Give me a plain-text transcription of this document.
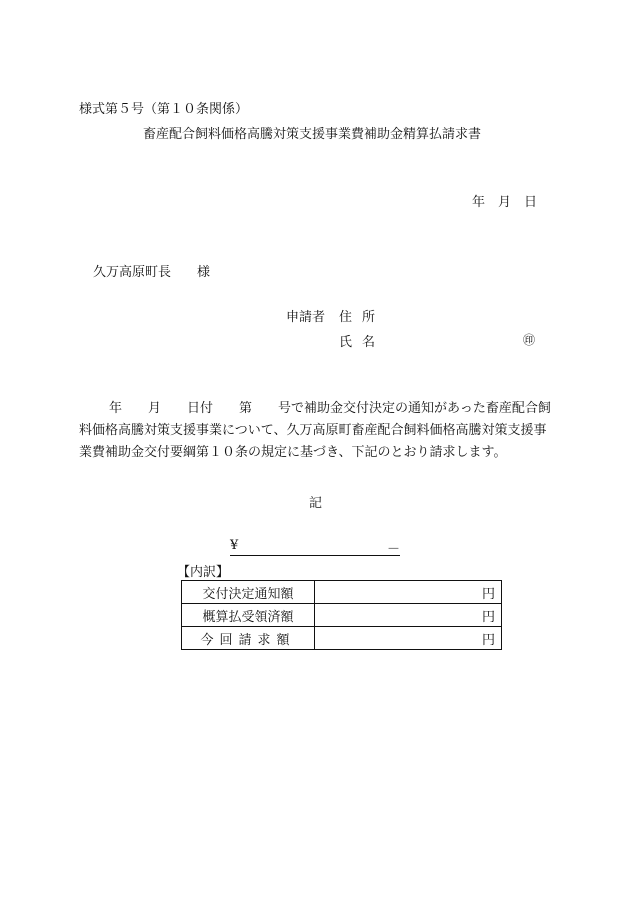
様式第５号（第１０条関係）
畜産配合飼料価格高騰対策支援事業費補助金精算払請求書
年　月　日
久万高原町長　　様
申請者 住所
氏名	㊞
年　　月　　日付　　第　　号で補助金交付決定の通知があった畜産配合飼料価格高騰対策支援事業について、久万高原町畜産配合飼料価格高騰対策支援事業費補助金交付要綱第１０条の規定に基づき、下記のとおり請求します。
記
¥	－
【内訳】
交付決定通知額	円
概算払受領済額	円
今回請求額	円
